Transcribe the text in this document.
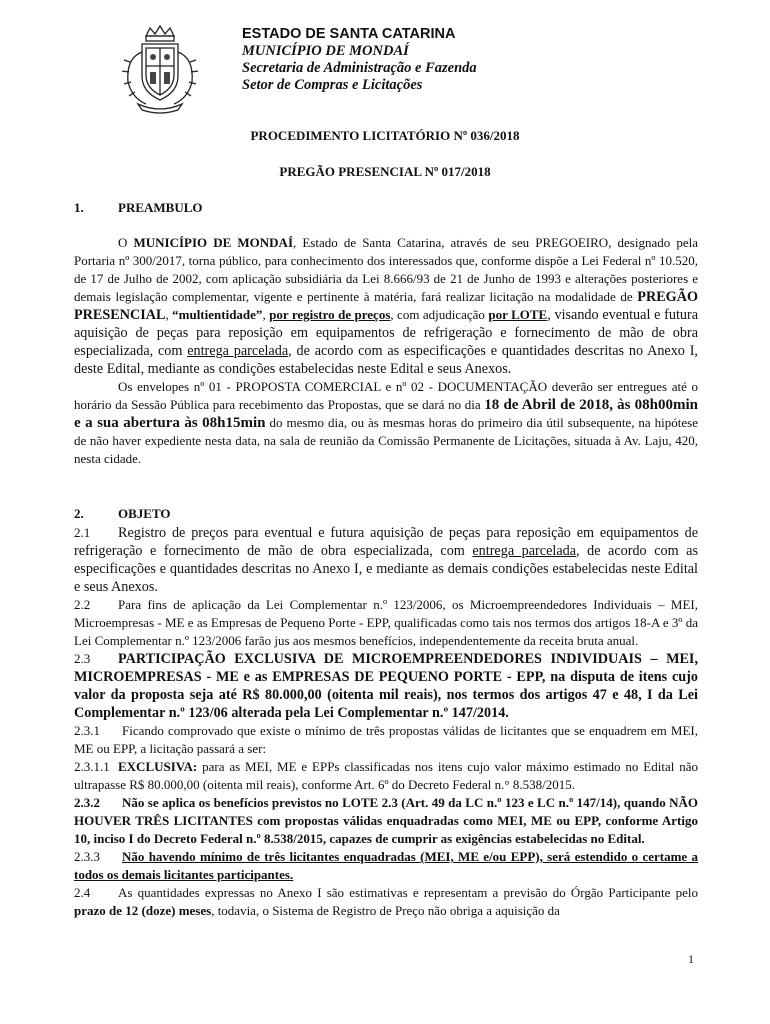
ESTADO DE SANTA CATARINA
MUNICÍPIO DE MONDAÍ
Secretaria de Administração e Fazenda
Setor de Compras e Licitações
PROCEDIMENTO LICITATÓRIO Nº 036/2018
PREGÃO PRESENCIAL Nº 017/2018
1.	PREAMBULO

O MUNICÍPIO DE MONDAÍ, Estado de Santa Catarina, através de seu PREGOEIRO, designado pela Portaria nº 300/2017, torna público, para conhecimento dos interessados que, conforme dispõe a Lei Federal nº 10.520, de 17 de Julho de 2002, com aplicação subsidiária da Lei 8.666/93 de 21 de Junho de 1993 e alterações posteriores e demais legislação complementar, vigente e pertinente à matéria, fará realizar licitação na modalidade de PREGÃO PRESENCIAL, “multientidade”, por registro de preços, com adjudicação por LOTE, visando eventual e futura aquisição de peças para reposição em equipamentos de refrigeração e fornecimento de mão de obra especializada, com entrega parcelada, de acordo com as especificações e quantidades descritas no Anexo I, deste Edital, mediante as condições estabelecidas neste Edital e seus Anexos.

Os envelopes nº 01 - PROPOSTA COMERCIAL e nº 02 - DOCUMENTAÇÃO deverão ser entregues até o horário da Sessão Pública para recebimento das Propostas, que se dará no dia 18 de Abril de 2018, às 08h00min e a sua abertura às 08h15min do mesmo dia, ou às mesmas horas do primeiro dia útil subsequente, na hipótese de não haver expediente nesta data, na sala de reunião da Comissão Permanente de Licitações, situada à Av. Laju, 420, nesta cidade.

2.	OBJETO

2.1 Registro de preços para eventual e futura aquisição de peças para reposição em equipamentos de refrigeração e fornecimento de mão de obra especializada, com entrega parcelada, de acordo com as especificações e quantidades descritas no Anexo I, e mediante as demais condições estabelecidas neste Edital e seus Anexos.

2.2 Para fins de aplicação da Lei Complementar n.º 123/2006, os Microempreendedores Individuais – MEI, Microempresas - ME e as Empresas de Pequeno Porte - EPP, qualificadas como tais nos termos dos artigos 18-A e 3º da Lei Complementar n.º 123/2006 farão jus aos mesmos benefícios, independentemente da receita bruta anual.

2.3 PARTICIPAÇÃO EXCLUSIVA DE MICROEMPREENDEDORES INDIVIDUAIS – MEI, MICROEMPRESAS - ME e as EMPRESAS DE PEQUENO PORTE - EPP, na disputa de itens cujo valor da proposta seja até R$ 80.000,00 (oitenta mil reais), nos termos dos artigos 47 e 48, I da Lei Complementar n.º 123/06 alterada pela Lei Complementar n.º 147/2014.

2.3.1 Ficando comprovado que existe o mínimo de três propostas válidas de licitantes que se enquadrem em MEI, ME ou EPP, a licitação passará a ser:

2.3.1.1 EXCLUSIVA: para as MEI, ME e EPPs classificadas nos itens cujo valor máximo estimado no Edital não ultrapasse R$ 80.000,00 (oitenta mil reais), conforme Art. 6º do Decreto Federal n.° 8.538/2015.

2.3.2 Não se aplica os benefícios previstos no LOTE 2.3 (Art. 49 da LC n.º 123 e LC n.º 147/14), quando NÃO HOUVER TRÊS LICITANTES com propostas válidas enquadradas como MEI, ME ou EPP, conforme Artigo 10, inciso I do Decreto Federal n.º 8.538/2015, capazes de cumprir as exigências estabelecidas no Edital.

2.3.3 Não havendo mínimo de três licitantes enquadradas (MEI, ME e/ou EPP), será estendido o certame a todos os demais licitantes participantes.

2.4 As quantidades expressas no Anexo I são estimativas e representam a previsão do Órgão Participante pelo prazo de 12 (doze) meses, todavia, o Sistema de Registro de Preço não obriga a aquisição da

1
